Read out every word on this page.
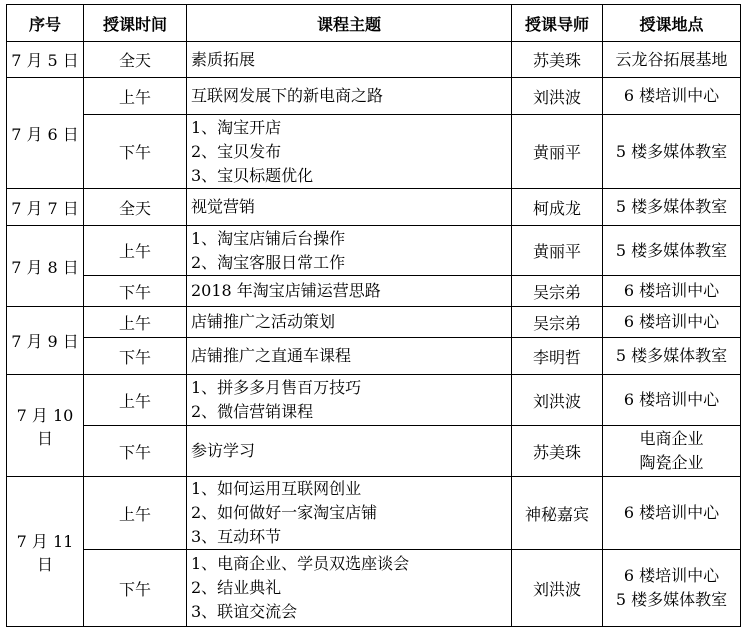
序号	授课时间	课程主题	授课导师	授课地点
7 月 5 日	全天	素质拓展	苏美珠	云龙谷拓展基地

7 月 6 日	上午	互联网发展下的新电商之路	刘洪波	6 楼培训中心

	下午	1、淘宝开店
2、宝贝发布
3、宝贝标题优化	黄丽平	5 楼多媒体教室

7 月 7 日	全天	视觉营销	柯成龙	5 楼多媒体教室

7 月 8 日	上午	1、淘宝店铺后台操作
2、淘宝客服日常工作	黄丽平	5 楼多媒体教室

	下午	2018 年淘宝店铺运营思路	吴宗弟	6 楼培训中心

7 月 9 日	上午	店铺推广之活动策划	吴宗弟	6 楼培训中心

	下午	店铺推广之直通车课程	李明哲	5 楼多媒体教室

7 月 10 日	上午	1、拼多多月售百万技巧
2、微信营销课程	刘洪波	6 楼培训中心

	下午	参访学习	苏美珠	电商企业
陶瓷企业

7 月 11 日	上午	1、如何运用互联网创业
2、如何做好一家淘宝店铺
3、互动环节	神秘嘉宾	6 楼培训中心

	下午	1、电商企业、学员双选座谈会
2、结业典礼
3、联谊交流会	刘洪波	6 楼培训中心
5 楼多媒体教室
